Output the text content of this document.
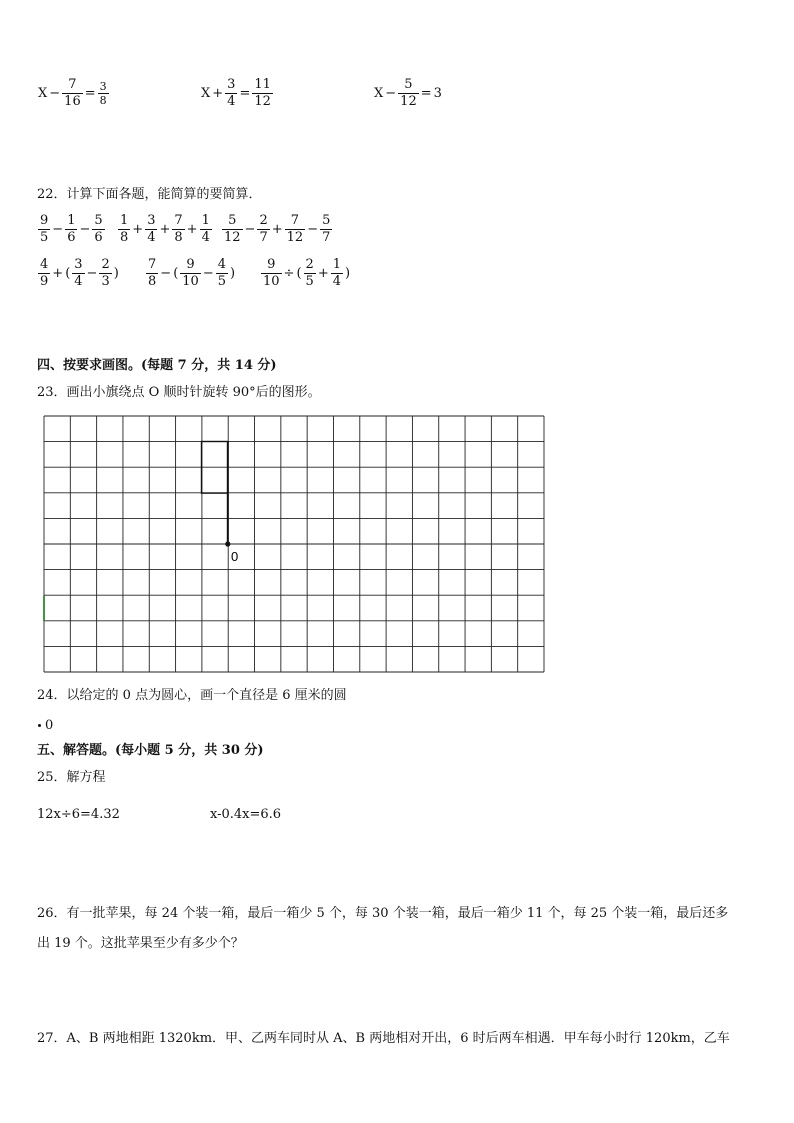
$X - \frac{7}{16} = \frac{3}{8}$	$X + \frac{3}{4} = \frac{11}{12}$	$X - \frac{5}{12} = 3$
22．计算下面各题，能简算的要简算．
$\frac{9}{5} - \frac{1}{6} - \frac{5}{6} \frac{1}{8} + \frac{3}{4} + \frac{7}{8} + \frac{1}{4} \frac{5}{12} - \frac{2}{7} + \frac{7}{12} - \frac{5}{7}$
$\frac{4}{9}$ + ( $\frac{3}{4} - \frac{2}{3}$ ) $\frac{7}{8}$ − ( $\frac{9}{10} - \frac{4}{5}$ ) $\frac{9}{10}$ ÷ ( $\frac{2}{5} + \frac{1}{4}$ )
四、按要求画图。(每题 7 分，共 14 分)
23．画出小旗绕点 O 顺时针旋转 90°后的图形。
0
24．以给定的 0 点为圆心，画一个直径是 6 厘米的圆
0
五、解答题。(每小题 5 分，共 30 分)
25．解方程
12x÷6=4.32	x-0.4x=6.6
26．有一批苹果，每 24 个装一箱，最后一箱少 5 个，每 30 个装一箱，最后一箱少 11 个，每 25 个装一箱，最后还多
出 19 个。这批苹果至少有多少个？
27．A、B 两地相距 1320km．甲、乙两车同时从 A、B 两地相对开出，6 时后两车相遇．甲车每小时行 120km，乙车
